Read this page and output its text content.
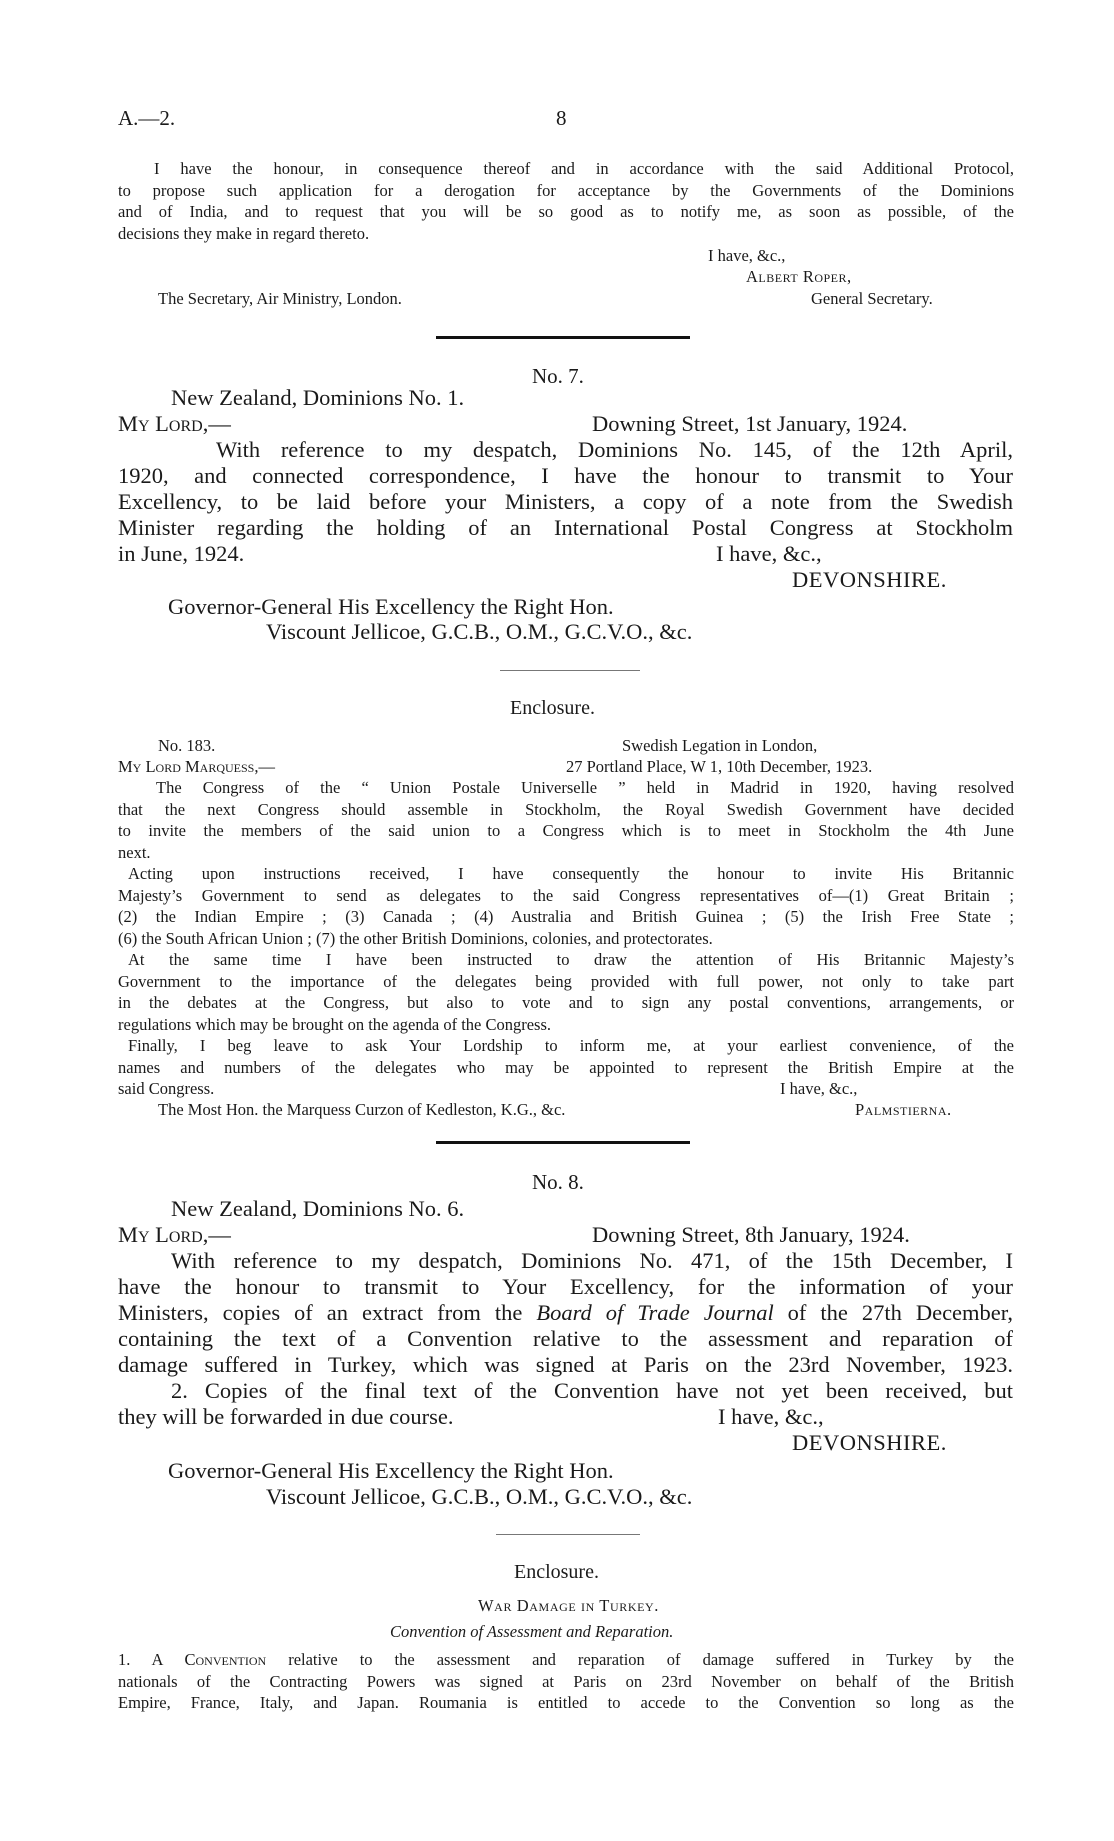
A.—2.	8
I have the honour, in consequence thereof and in accordance with the said Additional Protocol,
to propose such application for a derogation for acceptance by the Governments of the Dominions
and of India, and to request that you will be so good as to notify me, as soon as possible, of the
decisions they make in regard thereto.
I have, &c.,
Albert Roper,
The Secretary, Air Ministry, London.	General Secretary.
No. 7.
New Zealand, Dominions No. 1.
My Lord,—	Downing Street, 1st January, 1924.
With reference to my despatch, Dominions No. 145, of the 12th April,
1920, and connected correspondence, I have the honour to transmit to Your
Excellency, to be laid before your Ministers, a copy of a note from the Swedish
Minister regarding the holding of an International Postal Congress at Stockholm
in June, 1924.	I have, &c.,
DEVONSHIRE.
Governor-General His Excellency the Right Hon.
Viscount Jellicoe, G.C.B., O.M., G.C.V.O., &c.
Enclosure.
No. 183.	Swedish Legation in London,
My Lord Marquess,—	27 Portland Place, W 1, 10th December, 1923.
The Congress of the “ Union Postale Universelle ” held in Madrid in 1920, having resolved
that the next Congress should assemble in Stockholm, the Royal Swedish Government have decided
to invite the members of the said union to a Congress which is to meet in Stockholm the 4th June
next.
Acting upon instructions received, I have consequently the honour to invite His Britannic
Majesty’s Government to send as delegates to the said Congress representatives of—(1) Great Britain ;
(2) the Indian Empire ; (3) Canada ; (4) Australia and British Guinea ; (5) the Irish Free State ;
(6) the South African Union ; (7) the other British Dominions, colonies, and protectorates.
At the same time I have been instructed to draw the attention of His Britannic Majesty’s
Government to the importance of the delegates being provided with full power, not only to take part
in the debates at the Congress, but also to vote and to sign any postal conventions, arrangements, or
regulations which may be brought on the agenda of the Congress.
Finally, I beg leave to ask Your Lordship to inform me, at your earliest convenience, of the
names and numbers of the delegates who may be appointed to represent the British Empire at the
said Congress.	I have, &c.,
The Most Hon. the Marquess Curzon of Kedleston, K.G., &c.	Palmstierna.
No. 8.
New Zealand, Dominions No. 6.
My Lord,—	Downing Street, 8th January, 1924.
With reference to my despatch, Dominions No. 471, of the 15th December, I
have the honour to transmit to Your Excellency, for the information of your
Ministers, copies of an extract from the Board of Trade Journal of the 27th December,
containing the text of a Convention relative to the assessment and reparation of
damage suffered in Turkey, which was signed at Paris on the 23rd November, 1923.
2. Copies of the final text of the Convention have not yet been received, but
they will be forwarded in due course.	I have, &c.,
DEVONSHIRE.
Governor-General His Excellency the Right Hon.
Viscount Jellicoe, G.C.B., O.M., G.C.V.O., &c.
Enclosure.
War Damage in Turkey.
Convention of Assessment and Reparation.
1. A Convention relative to the assessment and reparation of damage suffered in Turkey by the
nationals of the Contracting Powers was signed at Paris on 23rd November on behalf of the British
Empire, France, Italy, and Japan. Roumania is entitled to accede to the Convention so long as the
